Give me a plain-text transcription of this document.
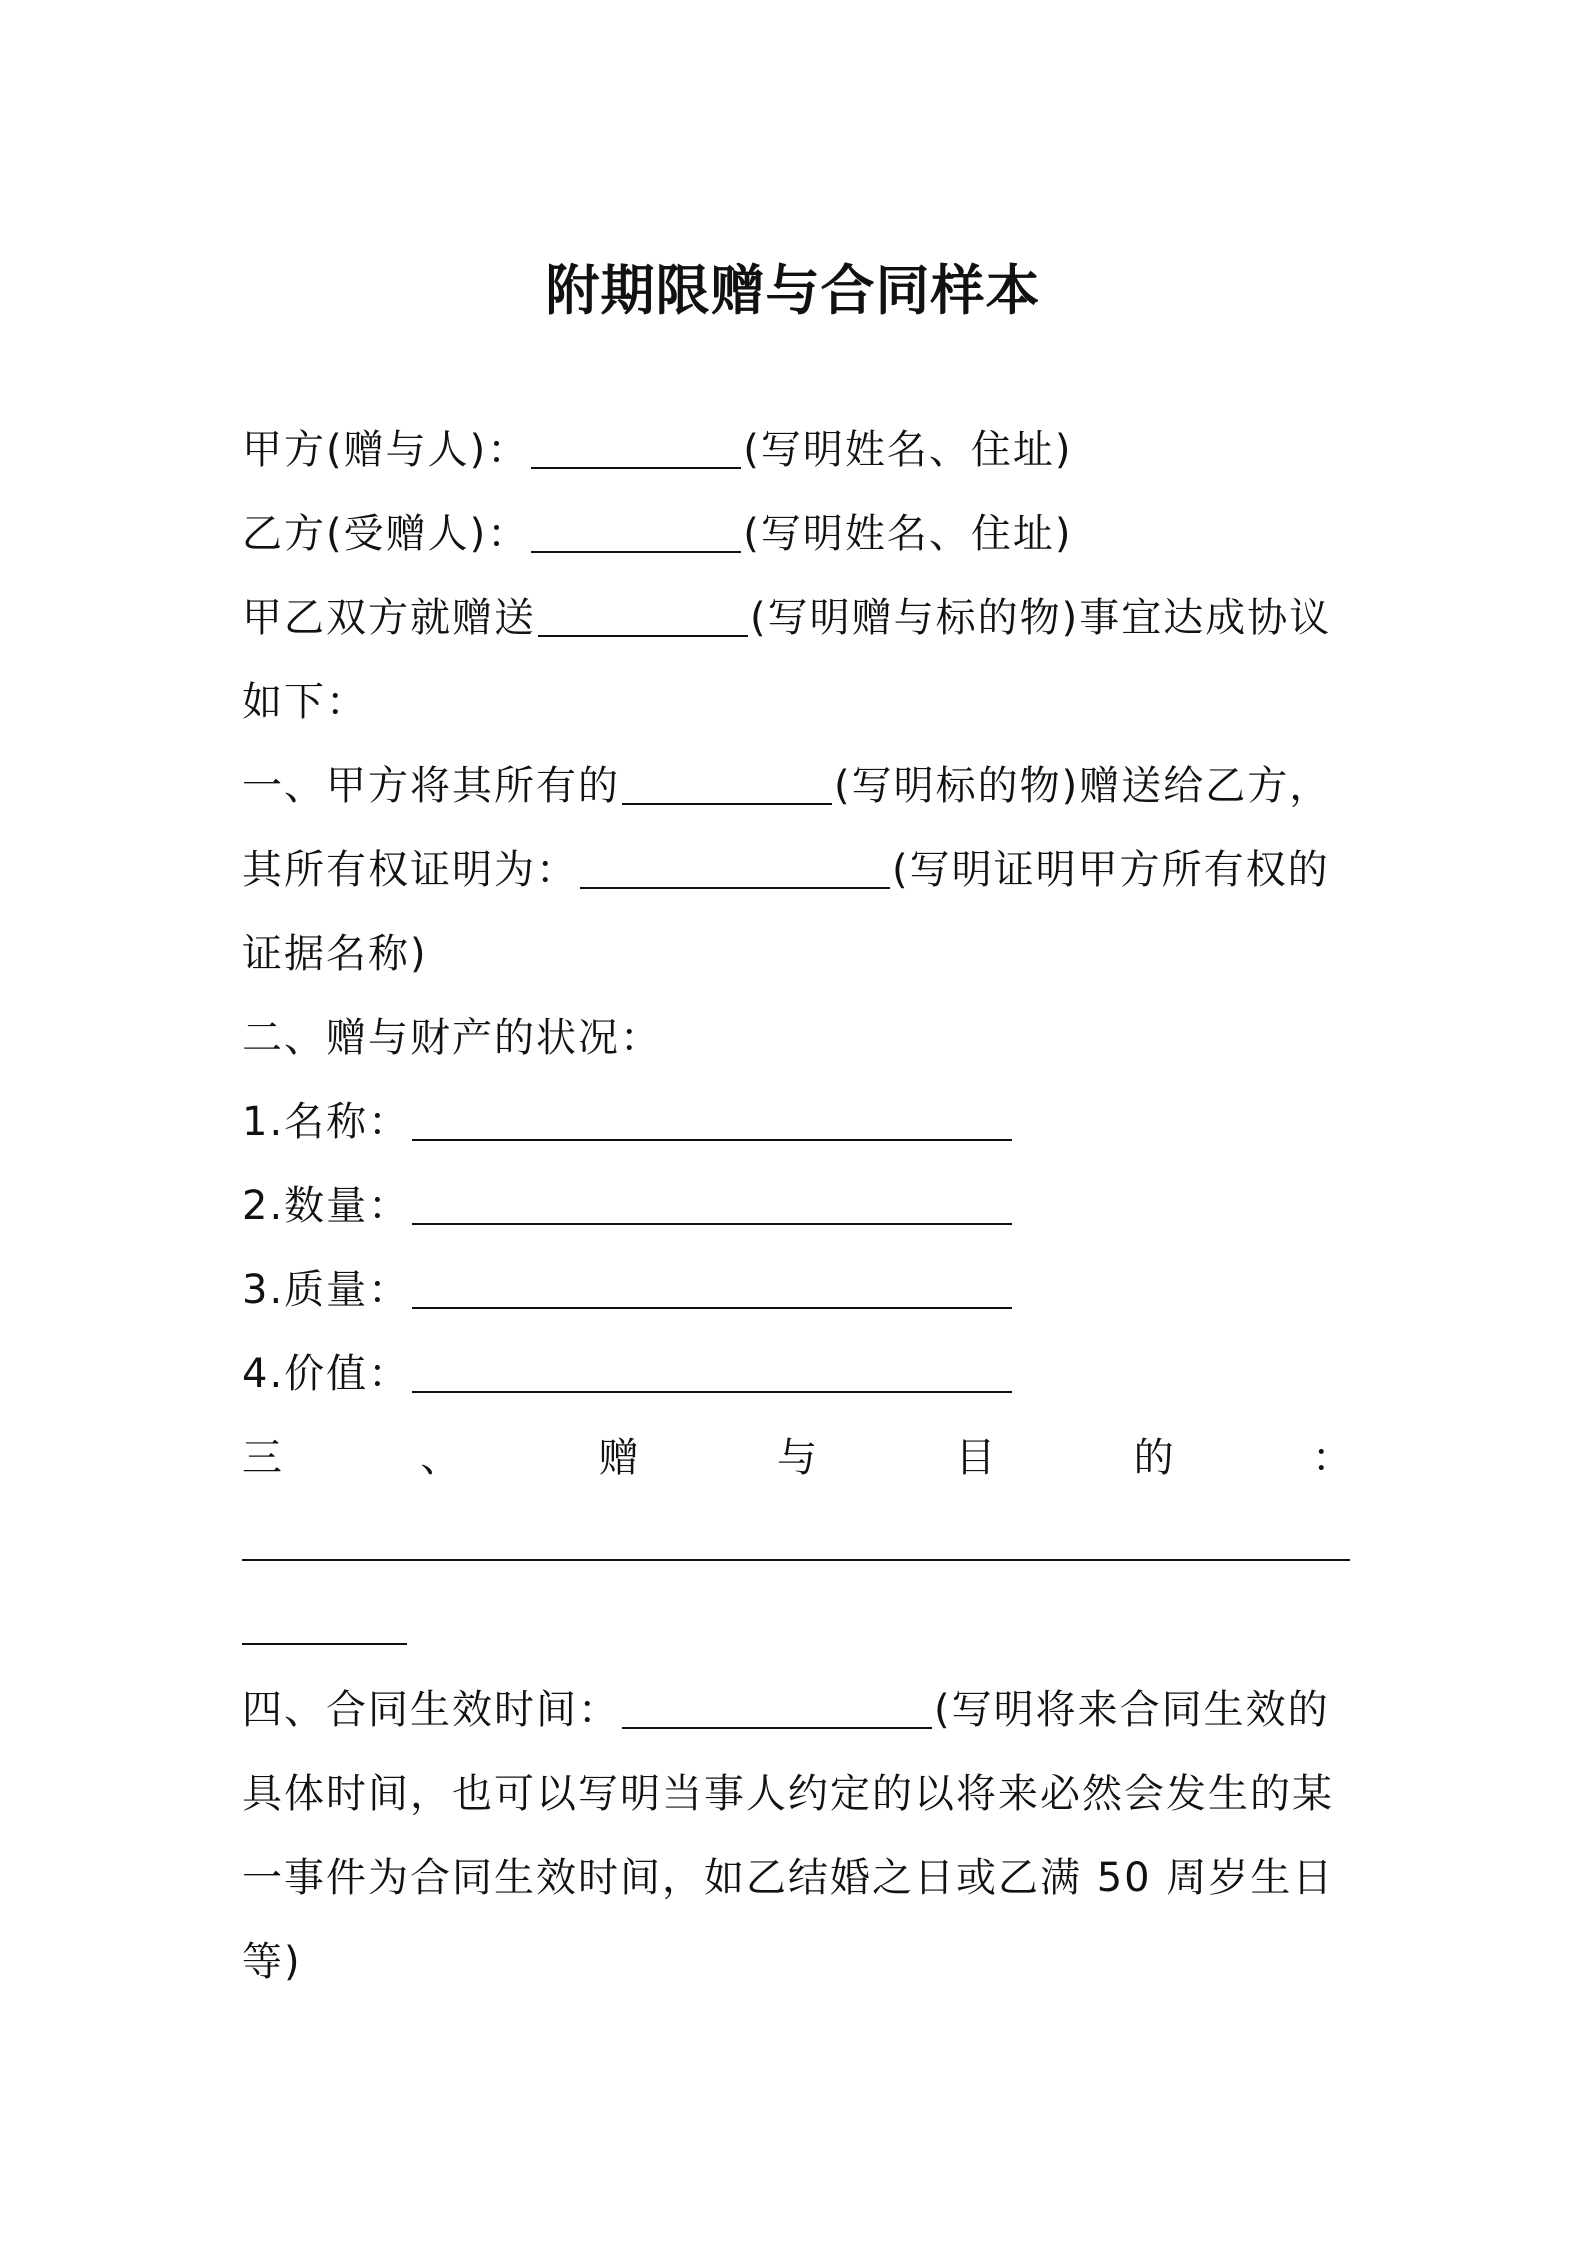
附期限赠与合同样本
甲方(赠与人)：	(写明姓名、住址)
乙方(受赠人)：	(写明姓名、住址)
甲乙双方就赠送	(写明赠与标的物)事宜达成协议
如下：
一、甲方将其所有的	(写明标的物)赠送给乙方，
其所有权证明为：	(写明证明甲方所有权的
证据名称)
二、赠与财产的状况：
1.名称：
2.数量：
3.质量：
4.价值：
三	、	赠	与	目	的	：
四、合同生效时间：	(写明将来合同生效的
具体时间，也可以写明当事人约定的以将来必然会发生的某
一事件为合同生效时间，如乙结婚之日或乙满 50 周岁生日
等)
